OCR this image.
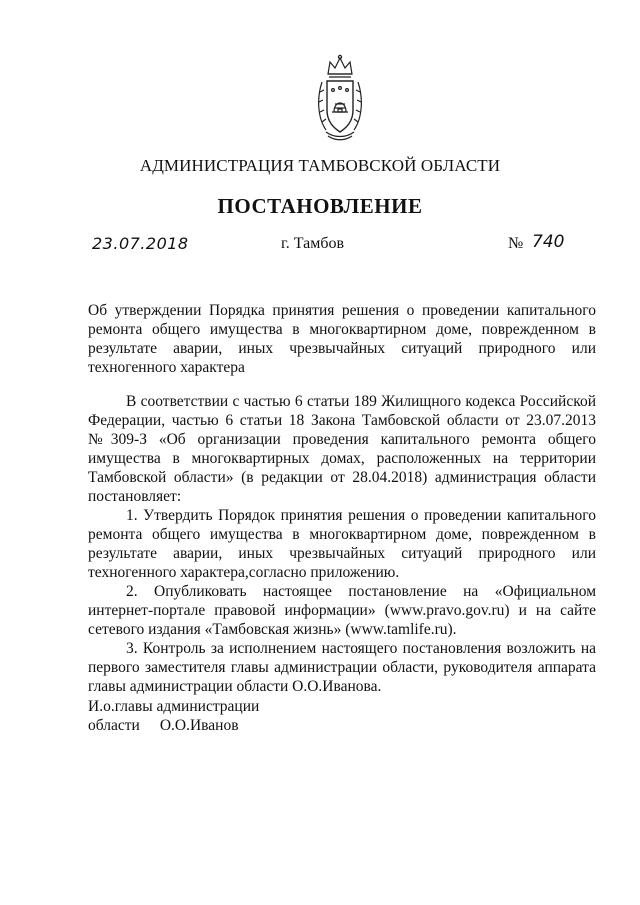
АДМИНИСТРАЦИЯ ТАМБОВСКОЙ ОБЛАСТИ
ПОСТАНОВЛЕНИЕ
23.07.2018	г. Тамбов	№ 740
Об утверждении Порядка принятия решения о проведении капитального ремонта общего имущества в многоквартирном доме, поврежденном в результате аварии, иных чрезвычайных ситуаций природного или техногенного характера

В соответствии с частью 6 статьи 189 Жилищного кодекса Российской Федерации, частью 6 статьи 18 Закона Тамбовской области от 23.07.2013 №309-З «Об организации проведения капитального ремонта общего имущества в многоквартирных домах, расположенных на территории Тамбовской области» (в редакции от 28.04.2018) администрация области постановляет:

1. Утвердить Порядок принятия решения о проведении капитального ремонта общего имущества в многоквартирном доме, поврежденном в результате аварии, иных чрезвычайных ситуаций природного или техногенного характера,согласно приложению.

2. Опубликовать настоящее постановление на «Официальном интернет-портале правовой информации» (www.pravo.gov.ru) и на сайте сетевого издания «Тамбовская жизнь» (www.tamlife.ru).

3. Контроль за исполнением настоящего постановления возложить на первого заместителя главы администрации области, руководителя аппарата главы администрации области О.О.Иванова.

И.о.главы администрации
области О.О.Иванов
